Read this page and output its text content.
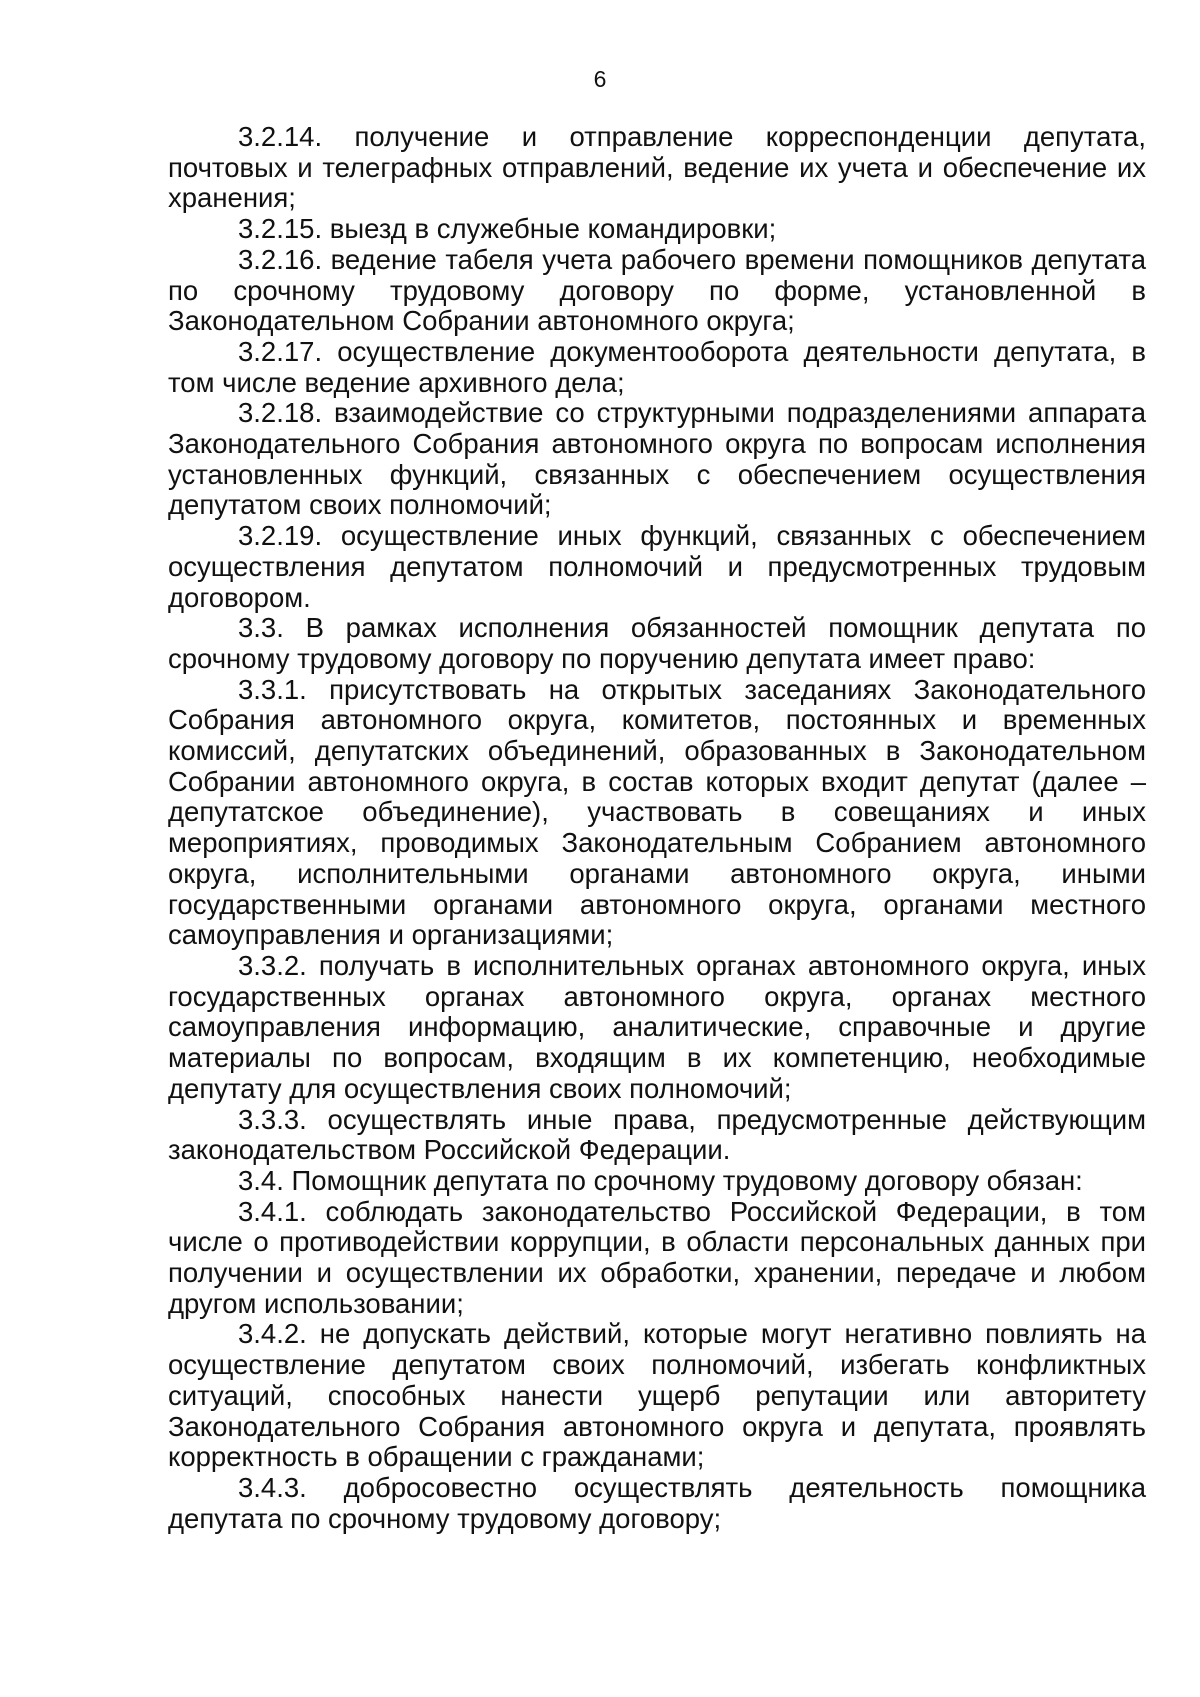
6

3.2.14. получение и отправление корреспонденции депутата, почтовых и телеграфных отправлений, ведение их учета и обеспечение их хранения;

3.2.15. выезд в служебные командировки;

3.2.16. ведение табеля учета рабочего времени помощников депутата по срочному трудовому договору по форме, установленной в Законодательном Собрании автономного округа;

3.2.17. осуществление документооборота деятельности депутата, в том числе ведение архивного дела;

3.2.18. взаимодействие со структурными подразделениями аппарата Законодательного Собрания автономного округа по вопросам исполнения установленных функций, связанных с обеспечением осуществления депутатом своих полномочий;

3.2.19. осуществление иных функций, связанных с обеспечением осуществления депутатом полномочий и предусмотренных трудовым договором.

3.3. В рамках исполнения обязанностей помощник депутата по срочному трудовому договору по поручению депутата имеет право:

3.3.1. присутствовать на открытых заседаниях Законодательного Собрания автономного округа, комитетов, постоянных и временных комиссий, депутатских объединений, образованных в Законодательном Собрании автономного округа, в состав которых входит депутат (далее – депутатское объединение), участвовать в совещаниях и иных мероприятиях, проводимых Законодательным Собранием автономного округа, исполнительными органами автономного округа, иными государственными органами автономного округа, органами местного самоуправления и организациями;

3.3.2. получать в исполнительных органах автономного округа, иных государственных органах автономного округа, органах местного самоуправления информацию, аналитические, справочные и другие материалы по вопросам, входящим в их компетенцию, необходимые депутату для осуществления своих полномочий;

3.3.3. осуществлять иные права, предусмотренные действующим законодательством Российской Федерации.

3.4. Помощник депутата по срочному трудовому договору обязан:

3.4.1. соблюдать законодательство Российской Федерации, в том числе о противодействии коррупции, в области персональных данных при получении и осуществлении их обработки, хранении, передаче и любом другом использовании;

3.4.2. не допускать действий, которые могут негативно повлиять на осуществление депутатом своих полномочий, избегать конфликтных ситуаций, способных нанести ущерб репутации или авторитету Законодательного Собрания автономного округа и депутата, проявлять корректность в обращении с гражданами;

3.4.3. добросовестно осуществлять деятельность помощника депутата по срочному трудовому договору;
